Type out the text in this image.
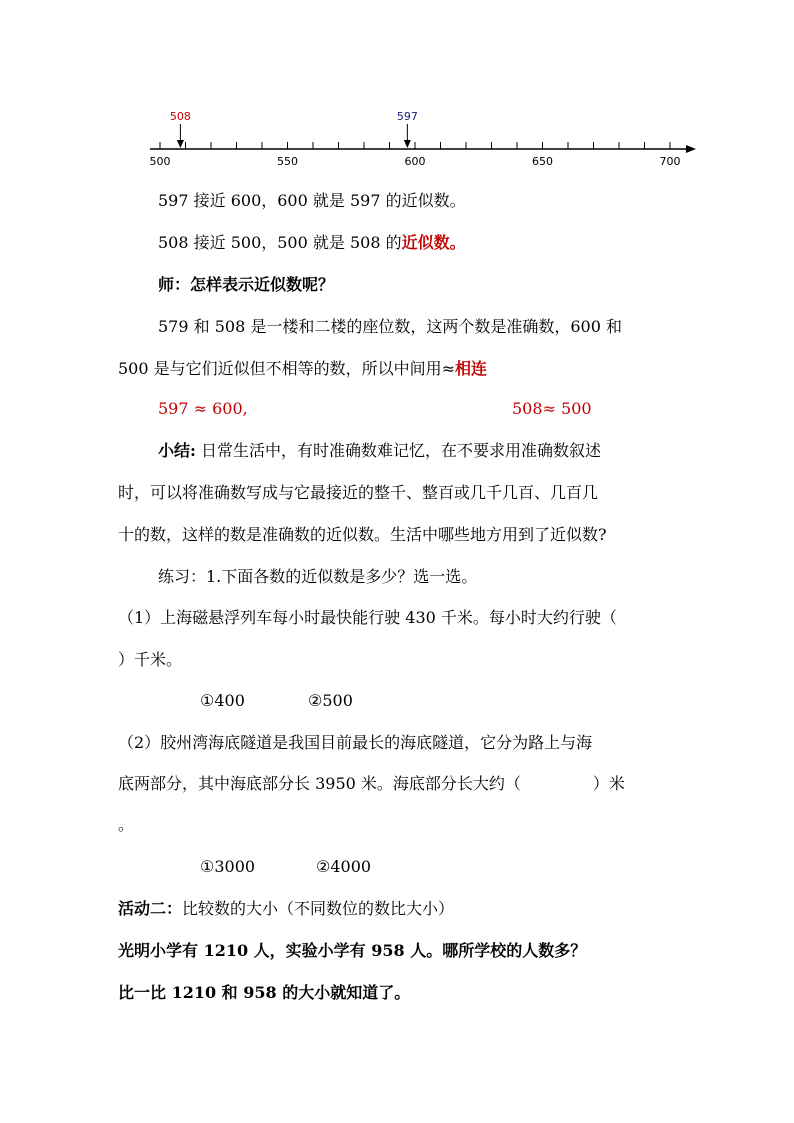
500	550	600	650	700
508	597
597 接近 600，600 就是 597 的近似数。
508 接近 500，500 就是 508 的近似数。
师：怎样表示近似数呢？
579 和 508 是一楼和二楼的座位数，这两个数是准确数，600 和
500 是与它们近似但不相等的数，所以中间用≈相连
597 ≈ 600,	508≈ 500
小结: 日常生活中，有时准确数难记忆，在不要求用准确数叙述
时，可以将准确数写成与它最接近的整千、整百或几千几百、几百几
十的数，这样的数是准确数的近似数。生活中哪些地方用到了近似数?
练习：1.下面各数的近似数是多少？选一选。
（1）上海磁悬浮列车每小时最快能行驶 430 千米。每小时大约行驶（
）千米。
①400	②500
（2）胶州湾海底隧道是我国目前最长的海底隧道，它分为路上与海
底两部分，其中海底部分长 3950 米。海底部分长大约（	）米
。
①3000	②4000
活动二：比较数的大小（不同数位的数比大小）
光明小学有 1210 人，实验小学有 958 人。哪所学校的人数多？
比一比 1210 和 958 的大小就知道了。
